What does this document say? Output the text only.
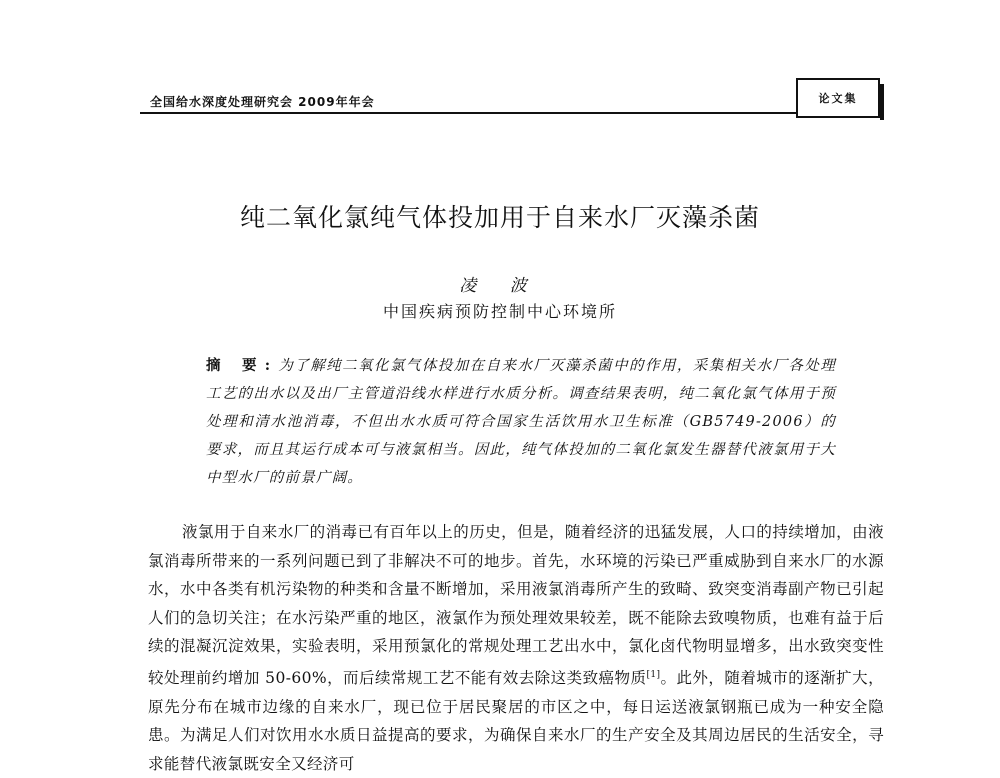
全国给水深度处理研究会 2009年年会	论文集
纯二氧化氯纯气体投加用于自来水厂灭藻杀菌
凌 波
中国疾病预防控制中心环境所
摘 要:为了解纯二氧化氯气体投加在自来水厂灭藻杀菌中的作用，采集相关水厂各处理工艺的出水以及出厂主管道沿线水样进行水质分析。调查结果表明，纯二氧化氯气体用于预处理和清水池消毒，不但出水水质可符合国家生活饮用水卫生标准（GB5749-2006）的要求，而且其运行成本可与液氯相当。因此，纯气体投加的二氧化氯发生器替代液氯用于大中型水厂的前景广阔。
液氯用于自来水厂的消毒已有百年以上的历史，但是，随着经济的迅猛发展，人口的持续增加，由液氯消毒所带来的一系列问题已到了非解决不可的地步。首先，水环境的污染已严重威胁到自来水厂的水源水，水中各类有机污染物的种类和含量不断增加，采用液氯消毒所产生的致畸、致突变消毒副产物已引起人们的急切关注；在水污染严重的地区，液氯作为预处理效果较差，既不能除去致嗅物质，也难有益于后续的混凝沉淀效果，实验表明，采用预氯化的常规处理工艺出水中，氯化卤代物明显增多，出水致突变性较处理前约增加 50-60%，而后续常规工艺不能有效去除这类致癌物质[1]。此外，随着城市的逐渐扩大，原先分布在城市边缘的自来水厂，现已位于居民聚居的市区之中，每日运送液氯钢瓶已成为一种安全隐患。为满足人们对饮用水水质日益提高的要求，为确保自来水厂的生产安全及其周边居民的生活安全，寻求能替代液氯既安全又经济可
